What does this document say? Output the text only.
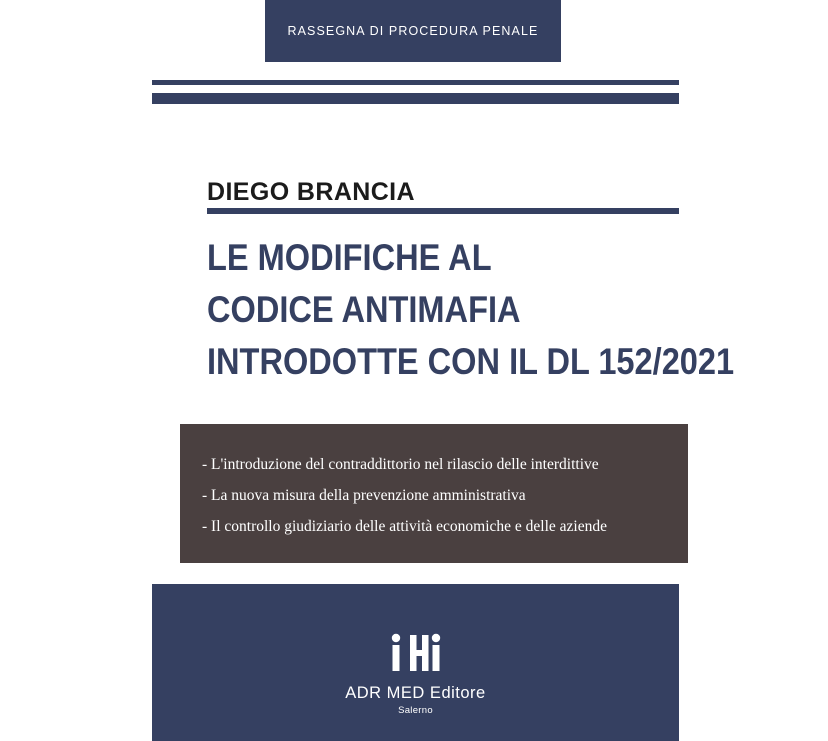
RASSEGNA DI PROCEDURA PENALE
DIEGO BRANCIA
LE MODIFICHE AL
CODICE ANTIMAFIA
INTRODOTTE CON IL DL 152/2021
- L'introduzione del contraddittorio nel rilascio delle interdittive
- La nuova misura della prevenzione amministrativa
- Il controllo giudiziario delle attività economiche e delle aziende
ADR MED Editore
Salerno
